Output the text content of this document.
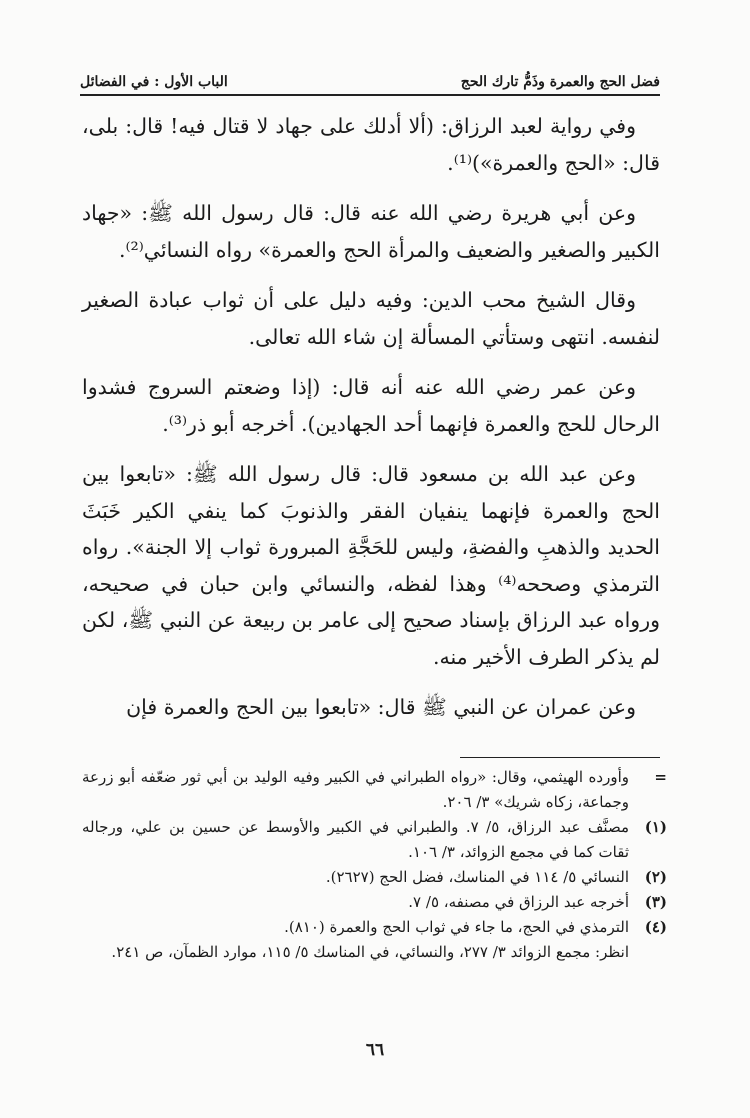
فضل الحج والعمرة وذَمُّ تارك الحج
الباب الأول : في الفضائل

وفي رواية لعبد الرزاق: (ألا أدلك على جهاد لا قتال فيه! قال: بلى، قال: «الحج والعمرة»)⁽¹⁾.

وعن أبي هريرة رضي الله عنه قال: قال رسول الله ﷺ: «جهاد الكبير والصغير والضعيف والمرأة الحج والعمرة» رواه النسائي⁽²⁾.

وقال الشيخ محب الدين: وفيه دليل على أن ثواب عبادة الصغير لنفسه. انتهى وستأتي المسألة إن شاء الله تعالى.

وعن عمر رضي الله عنه أنه قال: (إذا وضعتم السروج فشدوا الرحال للحج والعمرة فإنهما أحد الجهادين). أخرجه أبو ذر⁽³⁾.

وعن عبد الله بن مسعود قال: قال رسول الله ﷺ: «تابعوا بين الحج والعمرة فإنهما ينفيان الفقر والذنوبَ كما ينفي الكير خَبَثَ الحديد والذهبِ والفضةِ، وليس للحَجَّةِ المبرورة ثواب إلا الجنة». رواه الترمذي وصححه⁽⁴⁾ وهذا لفظه، والنسائي وابن حبان في صحيحه، ورواه عبد الرزاق بإسناد صحيح إلى عامر بن ربيعة عن النبي ﷺ، لكن لم يذكر الطرف الأخير منه.

وعن عمران عن النبي ﷺ قال: «تابعوا بين الحج والعمرة فإن

=
وأورده الهيثمي، وقال: «رواه الطبراني في الكبير وفيه الوليد بن أبي ثور ضعّفه أبو زرعة وجماعة، زكاه شريك» ٣/ ٢٠٦.
(١)
مصنَّف عبد الرزاق، ٥/ ٧. والطبراني في الكبير والأوسط عن حسين بن علي، ورجاله ثقات كما في مجمع الزوائد، ٣/ ١٠٦.
(٢)
النسائي ٥/ ١١٤ في المناسك، فضل الحج (٢٦٢٧).
(٣)
أخرجه عبد الرزاق في مصنفه، ٥/ ٧.
(٤)
الترمذي في الحج، ما جاء في ثواب الحج والعمرة (٨١٠).
انظر: مجمع الزوائد ٣/ ٢٧٧، والنسائي، في المناسك ٥/ ١١٥، موارد الظمآن، ص ٢٤١.
٦٦
